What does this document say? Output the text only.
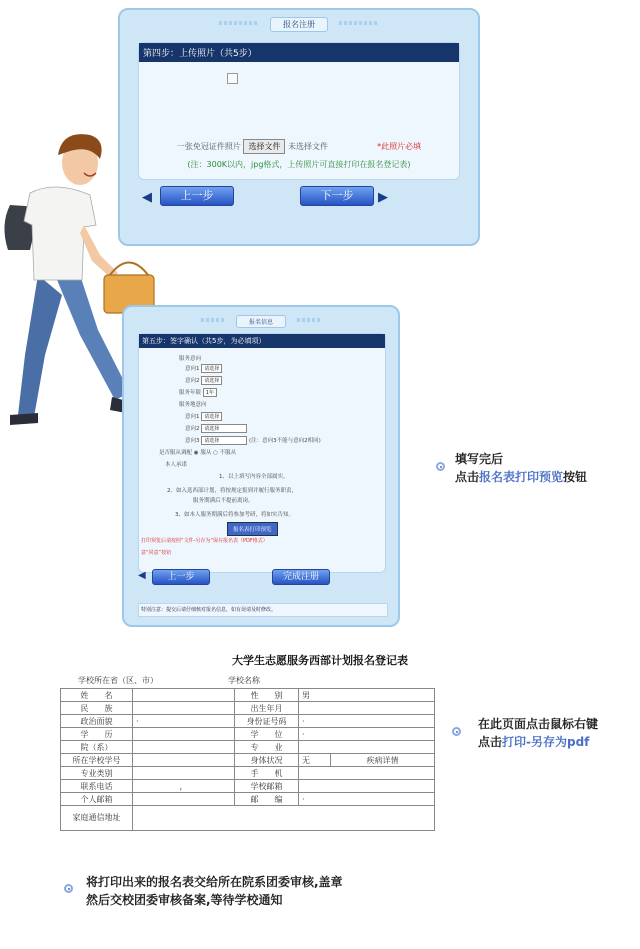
报名注册
第四步：上传照片（共5步）
一张免冠证件照片 选择文件 未选择文件	*此照片必填
(注：300K以内，jpg格式，上传照片可直接打印在报名登记表)
◀	上一步	下一步	▶
报名信息
第五步：签字确认（共5步，为必填项）
服务意向
意向1 请选择
意向2 请选择
服务年限 1年
服务地意向
意向1 请选择
意向2 请选择
意向3 请选择	(注：意向3不能与意向2相同)
是否服从调配 ◉ 服从 ○ 不服从
本人承诺
1、以上填写内容全部属实。
2、如入选西部计划，将按规定报到并履行服务职责，
服务期满后不提前离岗。
3、如本人服务期满后将参加考研，将如实告知。
报名表打印预览
打印预览后请按照“文件-另存为”保存报名表（PDF格式）
意“同意”按钮
◀	上一步	完成注册
特别注意：提交后请仔细核对报名信息，如有误请及时修改。
填写完后
点击报名表打印预览按钮
大学生志愿服务西部计划报名登记表
学校所在省（区、市）	学校名称
姓　　名		性　　别	男	
民　　族		出生年月		
政治面貌	·	身份证号码	·	
学　　历		学　　位	·	
院（系）		专　　业		
所在学校学号		身体状况	无	疾病详情
专业类别		手　　机		
联系电话	，	学校邮箱		
个人邮箱		邮　　编	·	
家庭通信地址				
在此页面点击鼠标右键
点击打印-另存为pdf
将打印出来的报名表交给所在院系团委审核,盖章
然后交校团委审核备案,等待学校通知
